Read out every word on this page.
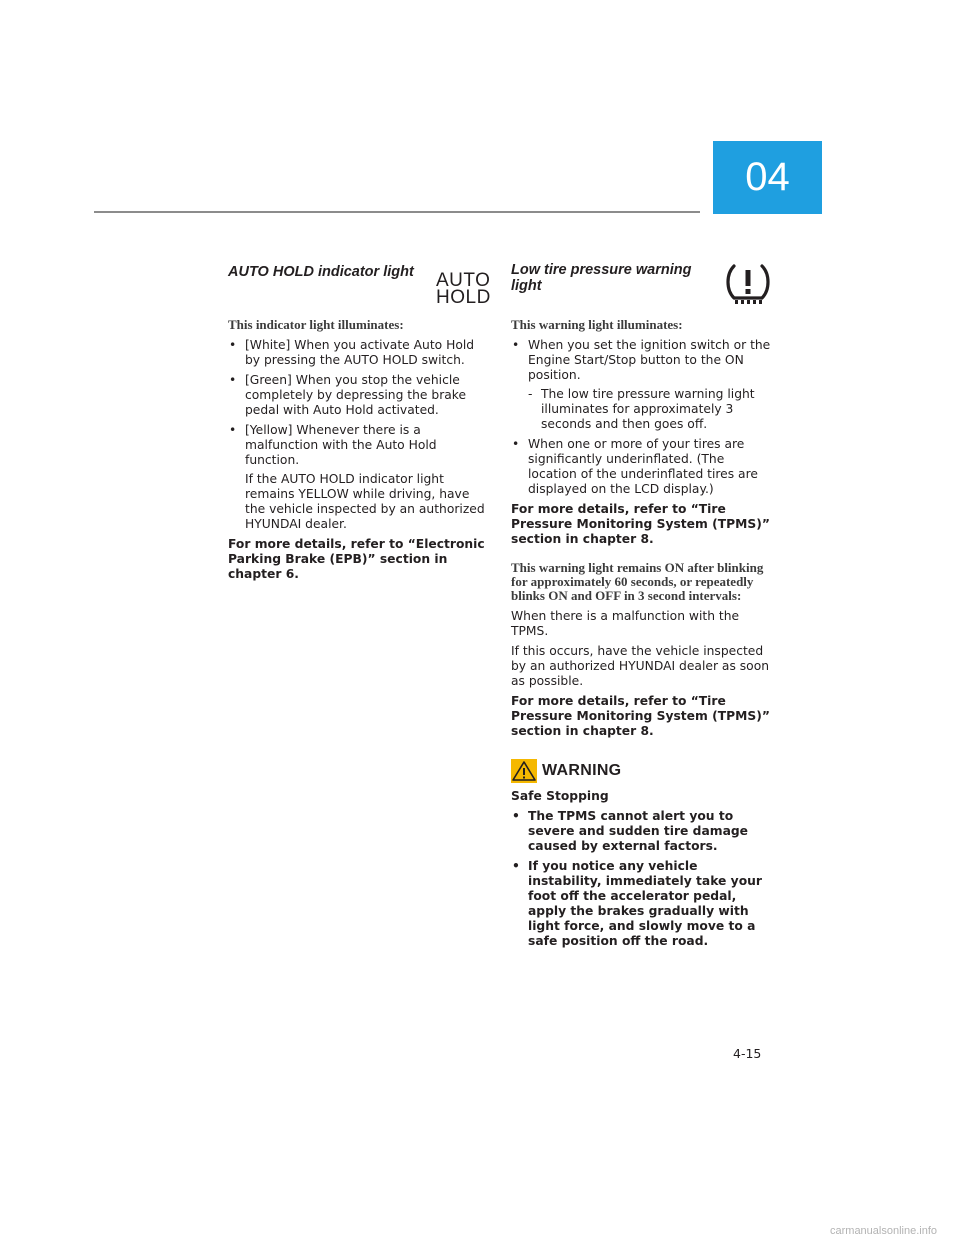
04
AUTO HOLD indicator light	AUTO
HOLD
This indicator light illuminates:
• [White] When you activate Auto Hold by pressing the AUTO HOLD switch.
• [Green] When you stop the vehicle completely by depressing the brake pedal with Auto Hold activated.
• [Yellow] Whenever there is a malfunction with the Auto Hold function.
If the AUTO HOLD indicator light remains YELLOW while driving, have the vehicle inspected by an authorized HYUNDAI dealer.

For more details, refer to “Electronic Parking Brake (EPB)” section in chapter 6.

Low tire pressure warning light
This warning light illuminates:
• When you set the ignition switch or the Engine Start/Stop button to the ON position.
- The low tire pressure warning light illuminates for approximately 3 seconds and then goes off.
• When one or more of your tires are significantly underinflated. (The location of the underinflated tires are displayed on the LCD display.)

For more details, refer to “Tire Pressure Monitoring System (TPMS)” section in chapter 8.

This warning light remains ON after blinking for approximately 60 seconds, or repeatedly blinks ON and OFF in 3 second intervals:

When there is a malfunction with the TPMS.

If this occurs, have the vehicle inspected by an authorized HYUNDAI dealer as soon as possible.

For more details, refer to “Tire Pressure Monitoring System (TPMS)” section in chapter 8.

WARNING
Safe Stopping
• The TPMS cannot alert you to severe and sudden tire damage caused by external factors.
• If you notice any vehicle instability, immediately take your foot off the accelerator pedal, apply the brakes gradually with light force, and slowly move to a safe position off the road.
4-15
carmanualsonline.info
